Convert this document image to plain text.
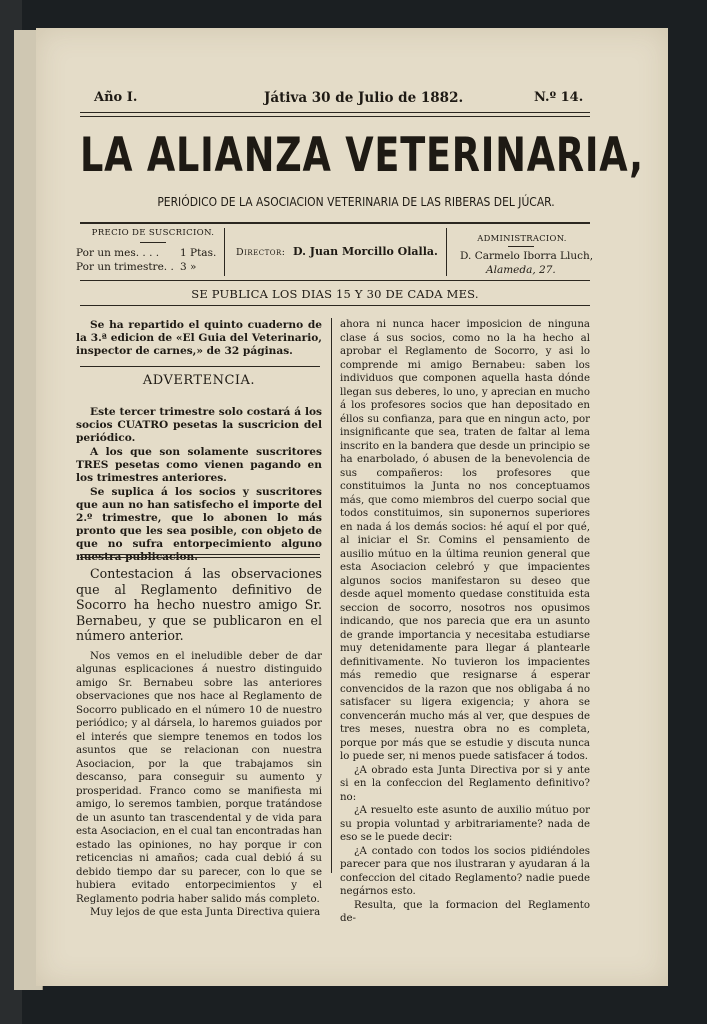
Año I.	Játiva 30 de Julio de 1882.	N.º 14.
LA ALIANZA VETERINARIA,
PERIÓDICO DE LA ASOCIACION VETERINARIA DE LAS RIBERAS DEL JÚCAR.
PRECIO DE SUSCRICION.
Por un mes. . . . 1 Ptas.
Por un trimestre. . 3 »
Director: D. Juan Morcillo Olalla.
ADMINISTRACION.
D. Carmelo Iborra Lluch,
Alameda, 27.
SE PUBLICA LOS DIAS 15 Y 30 DE CADA MES.

Se ha repartido el quinto cuaderno de la 3.ª edicion de «El Guia del Veterinario, inspector de carnes,» de 32 páginas.

ADVERTENCIA.

Este tercer trimestre solo costará á los socios CUATRO pesetas la suscricion del periódico.

A los que son solamente suscritores TRES pesetas como vienen pagando en los trimestres anteriores.

Se suplica á los socios y suscritores que aun no han satisfecho el importe del 2.º trimestre, que lo abonen lo más pronto que les sea posible, con objeto de que no sufra entorpecimiento alguno nuestra publicacion.

Contestacion á las observaciones que al Reglamento definitivo de Socorro ha hecho nuestro amigo Sr. Bernabeu, y que se publicaron en el número anterior.

Nos vemos en el ineludible deber de dar algunas esplicaciones á nuestro distinguido amigo Sr. Bernabeu sobre las anteriores observaciones que nos hace al Reglamento de Socorro publicado en el número 10 de nuestro periódico; y al dársela, lo haremos guiados por el interés que siempre tenemos en todos los asuntos que se relacionan con nuestra Asociacion, por la que trabajamos sin descanso, para conseguir su aumento y prosperidad. Franco como se manifiesta mi amigo, lo seremos tambien, porque tratándose de un asunto tan trascendental y de vida para esta Asociacion, en el cual tan encontradas han estado las opiniones, no hay porque ir con reticencias ni amaños; cada cual debió á su debido tiempo dar su parecer, con lo que se hubiera evitado entorpecimientos y el Reglamento podria haber salido más completo.

Muy lejos de que esta Junta Directiva quiera

ahora ni nunca hacer imposicion de ninguna clase á sus socios, como no la ha hecho al aprobar el Reglamento de Socorro, y asi lo comprende mi amigo Bernabeu: saben los individuos que componen aquella hasta dónde llegan sus deberes, lo uno, y aprecian en mucho á los profesores socios que han depositado en éllos su confianza, para que en ningun acto, por insignificante que sea, traten de faltar al lema inscrito en la bandera que desde un principio se ha enarbolado, ó abusen de la benevolencia de sus compañeros: los profesores que constituimos la Junta no nos conceptuamos más, que como miembros del cuerpo social que todos constituimos, sin suponernos superiores en nada á los demás socios: hé aquí el por qué, al iniciar el Sr. Comins el pensamiento de ausilio mútuo en la última reunion general que esta Asociacion celebró y que impacientes algunos socios manifestaron su deseo que desde aquel momento quedase constituida esta seccion de socorro, nosotros nos opusimos indicando, que nos parecia que era un asunto de grande importancia y necesitaba estudiarse muy detenidamente para llegar á plantearle definitivamente. No tuvieron los impacientes más remedio que resignarse á esperar convencidos de la razon que nos obligaba á no satisfacer su ligera exigencia; y ahora se convencerán mucho más al ver, que despues de tres meses, nuestra obra no es completa, porque por más que se estudie y discuta nunca lo puede ser, ni menos puede satisfacer á todos.

¿A obrado esta Junta Directiva por si y ante si en la confeccion del Reglamento definitivo? no:

¿A resuelto este asunto de auxilio mútuo por su propia voluntad y arbitrariamente? nada de eso se le puede decir:

¿A contado con todos los socios pidiéndoles parecer para que nos ilustraran y ayudaran á la confeccion del citado Reglamento? nadie puede negárnos esto.

Resulta, que la formacion del Reglamento de-
